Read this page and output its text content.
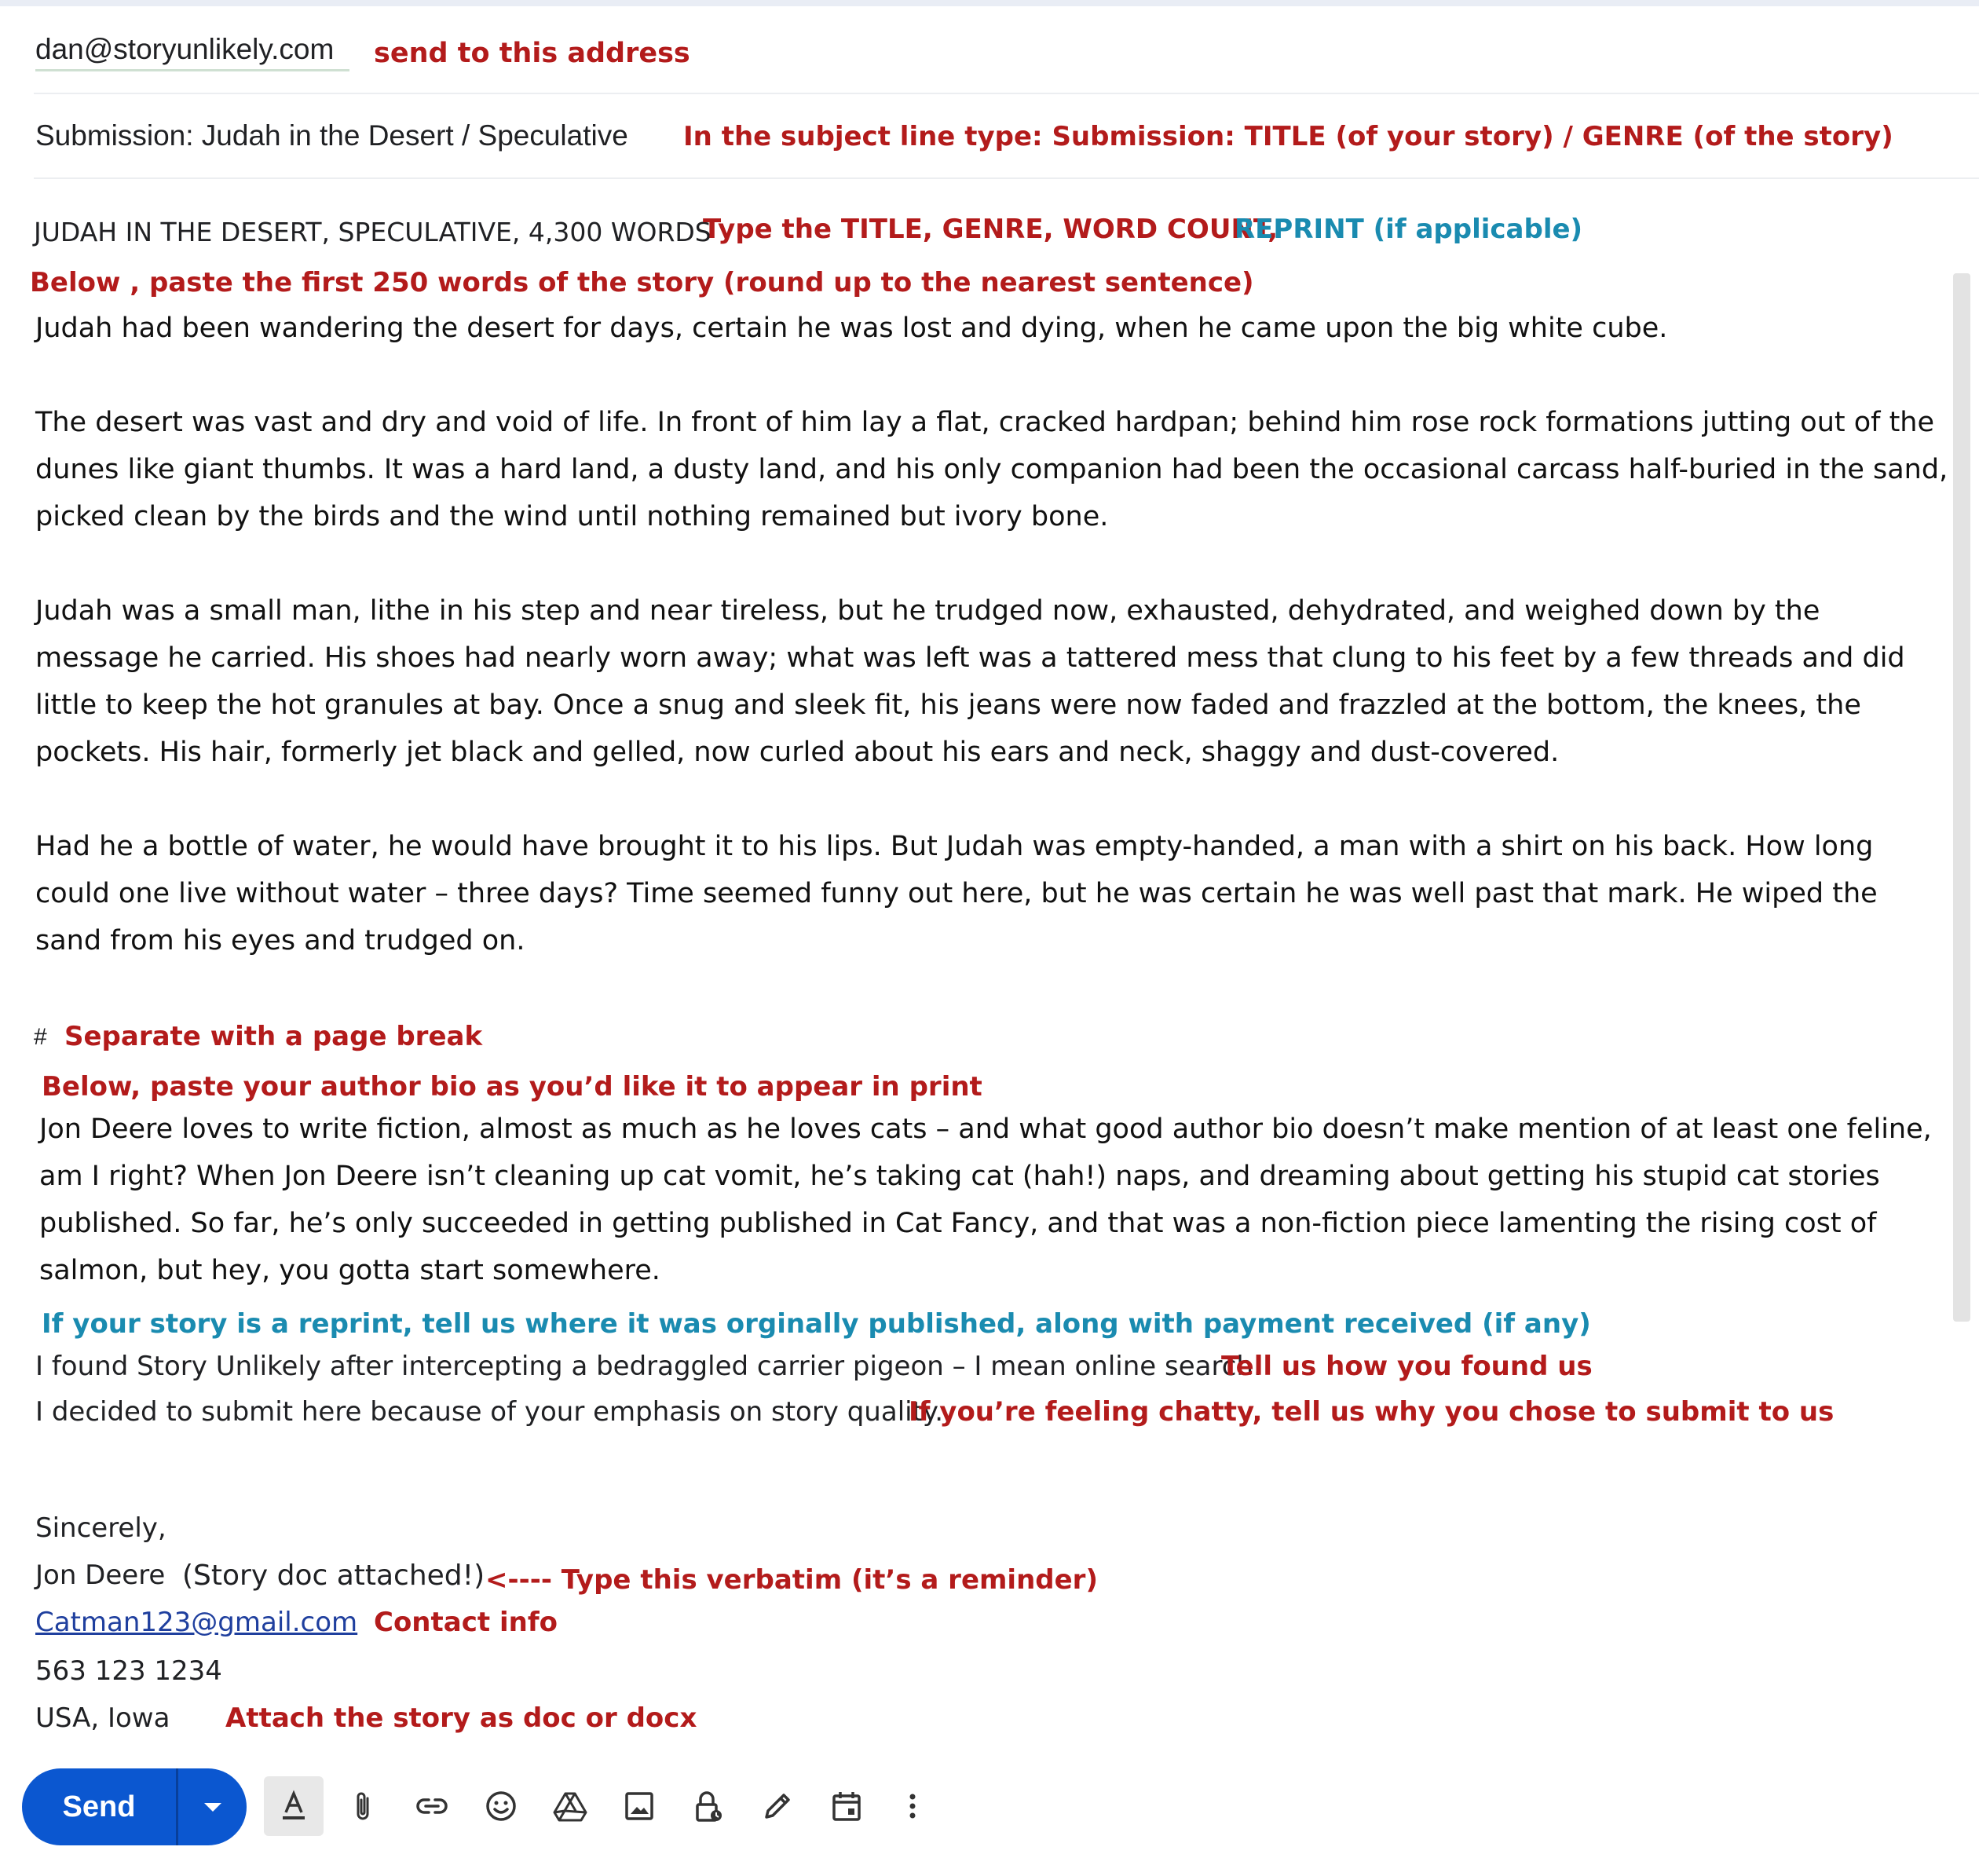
dan@storyunlikely.com send to this address
Submission: Judah in the Desert / Speculative In the subject line type: Submission: TITLE (of your story) / GENRE (of the story)
JUDAH IN THE DESERT, SPECULATIVE, 4,300 WORDS
Type the TITLE, GENRE, WORD COUNT,
REPRINT (if applicable)
Below , paste the first 250 words of the story (round up to the nearest sentence)
Judah had been wandering the desert for days, certain he was lost and dying, when he came upon the big white cube.
The desert was vast and dry and void of life. In front of him lay a flat, cracked hardpan; behind him rose rock formations jutting out of the dunes like giant thumbs. It was a hard land, a dusty land, and his only companion had been the occasional carcass half-buried in the sand, picked clean by the birds and the wind until nothing remained but ivory bone.
Judah was a small man, lithe in his step and near tireless, but he trudged now, exhausted, dehydrated, and weighed down by the message he carried. His shoes had nearly worn away; what was left was a tattered mess that clung to his feet by a few threads and did little to keep the hot granules at bay. Once a snug and sleek fit, his jeans were now faded and frazzled at the bottom, the knees, the pockets. His hair, formerly jet black and gelled, now curled about his ears and neck, shaggy and dust-covered.
Had he a bottle of water, he would have brought it to his lips. But Judah was empty-handed, a man with a shirt on his back. How long could one live without water – three days? Time seemed funny out here, but he was certain he was well past that mark. He wiped the sand from his eyes and trudged on.
# Separate with a page break
Below, paste your author bio as you’d like it to appear in print
Jon Deere loves to write fiction, almost as much as he loves cats – and what good author bio doesn’t make mention of at least one feline, am I right? When Jon Deere isn’t cleaning up cat vomit, he’s taking cat (hah!) naps, and dreaming about getting his stupid cat stories published. So far, he’s only succeeded in getting published in Cat Fancy, and that was a non-fiction piece lamenting the rising cost of salmon, but hey, you gotta start somewhere.
If your story is a reprint, tell us where it was orginally published, along with payment received (if any)
I found Story Unlikely after intercepting a bedraggled carrier pigeon – I mean online search.
Tell us how you found us
I decided to submit here because of your emphasis on story quality.
If you’re feeling chatty, tell us why you chose to submit to us
Sincerely,
Jon Deere (Story doc attached!) <---- Type this verbatim (it’s a reminder)
Catman123@gmail.com Contact info
563 123 1234
USA, Iowa Attach the story as doc or docx
Send
